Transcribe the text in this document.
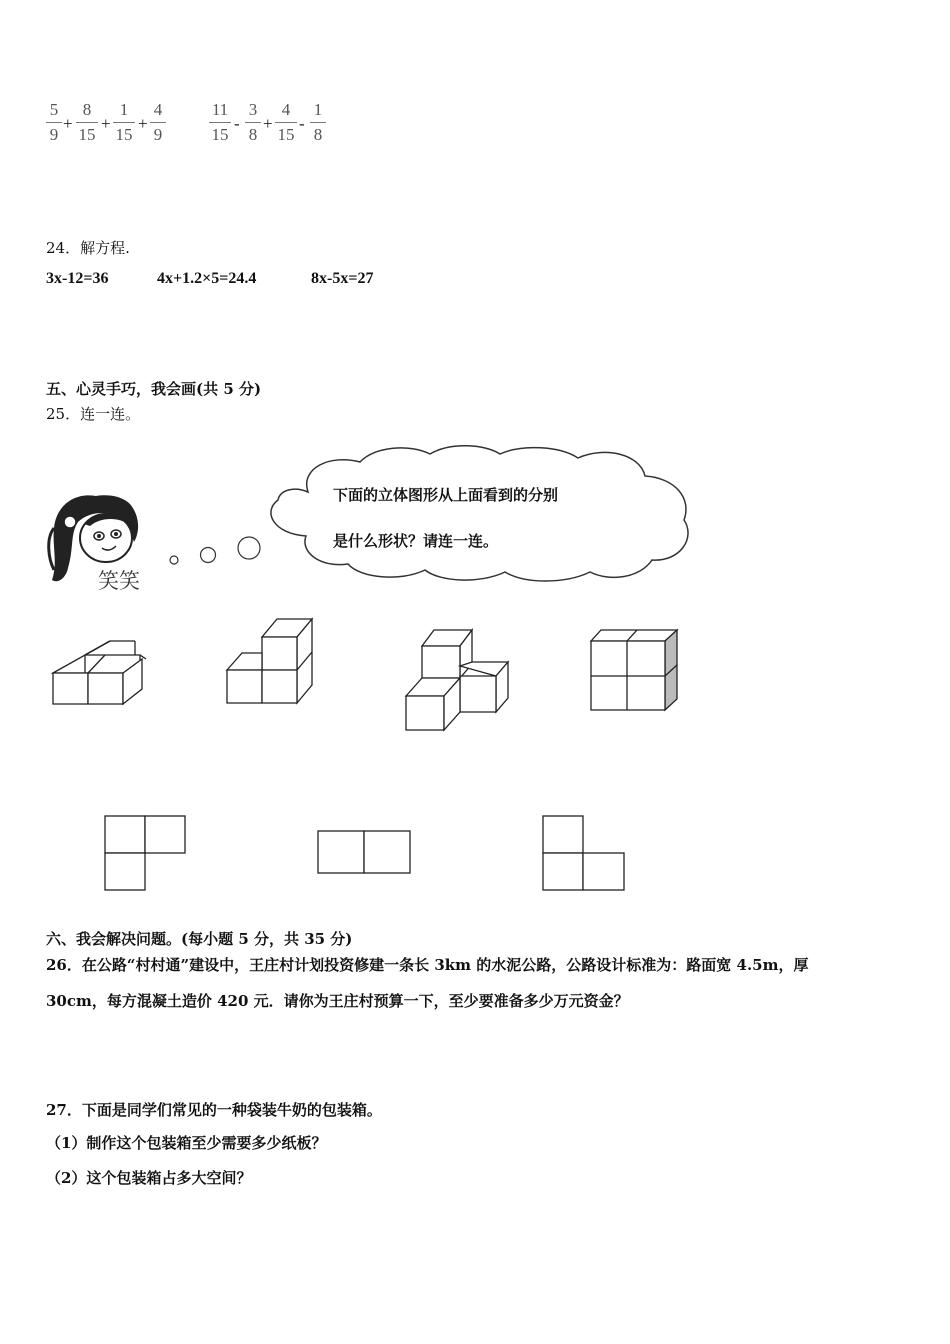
5
9
+
8
15
+
1
15
+
4
9
11
15
-
3
8
+
4
15
-
1
8
24．解方程.
3x-12=36	4x+1.2×5=24.4	8x-5x=27
五、心灵手巧，我会画(共 5 分)
25．连一连。
笑笑
下面的立体图形从上面看到的分别
是什么形状？请连一连。
六、我会解决问题。(每小题 5 分，共 35 分)
26．在公路“村村通”建设中，王庄村计划投资修建一条长 3km 的水泥公路，公路设计标准为：路面宽 4.5m，厚
30cm，每方混凝土造价 420 元．请你为王庄村预算一下，至少要准备多少万元资金？
27．下面是同学们常见的一种袋装牛奶的包装箱。
（1）制作这个包装箱至少需要多少纸板？
（2）这个包装箱占多大空间？
